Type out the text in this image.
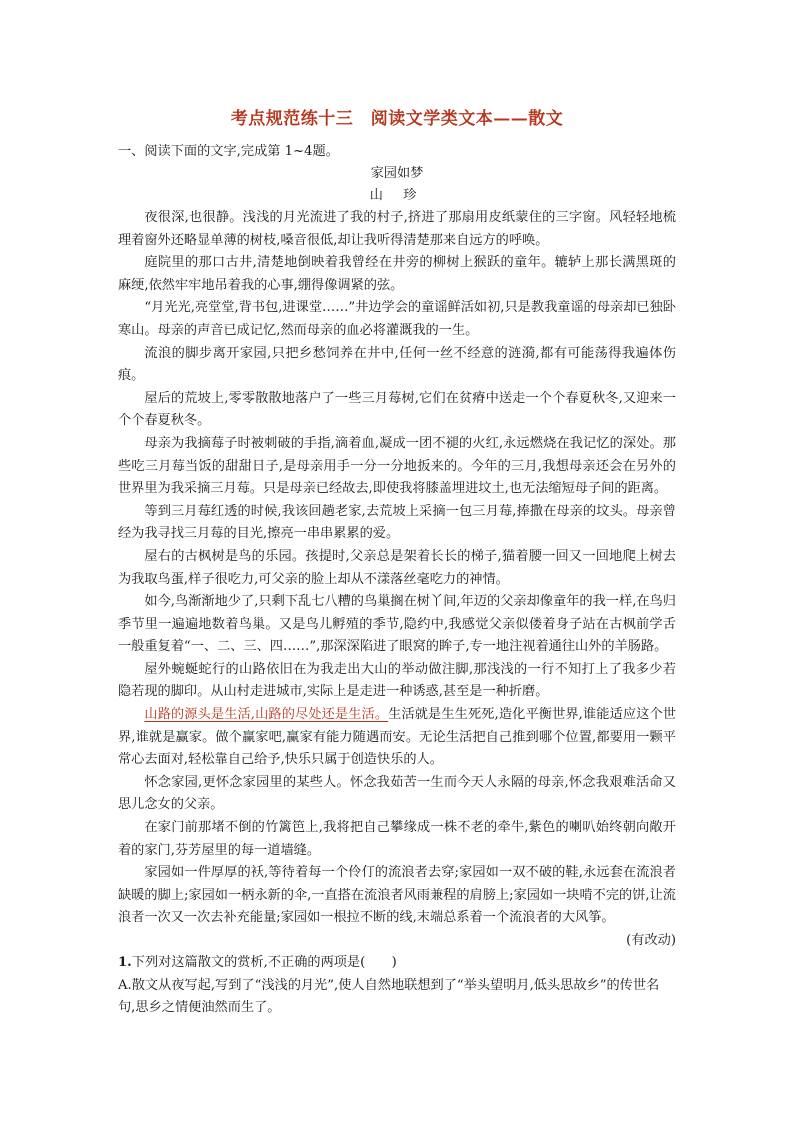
考点规范练十三　阅读文学类文本——散文

一、阅读下面的文字,完成第 1~4题。

家园如梦

山 珍

夜很深,也很静。浅浅的月光流进了我的村子,挤进了那扇用皮纸蒙住的三字窗。风轻轻地梳理着窗外还略显单薄的树枝,嗓音很低,却让我听得清楚那来自远方的呼唤。

庭院里的那口古井,清楚地倒映着我曾经在井旁的柳树上猴跃的童年。辘轳上那长满黑斑的麻绠,依然牢牢地吊着我的心事,绷得像调紧的弦。

“月光光,亮堂堂,背书包,进课堂……”井边学会的童谣鲜活如初,只是教我童谣的母亲却已独卧寒山。母亲的声音已成记忆,然而母亲的血必将灌溉我的一生。

流浪的脚步离开家园,只把乡愁饲养在井中,任何一丝不经意的涟漪,都有可能荡得我遍体伤痕。

屋后的荒坡上,零零散散地落户了一些三月莓树,它们在贫瘠中送走一个个春夏秋冬,又迎来一个个春夏秋冬。

母亲为我摘莓子时被刺破的手指,滴着血,凝成一团不褪的火红,永远燃烧在我记忆的深处。那些吃三月莓当饭的甜甜日子,是母亲用手一分一分地扳来的。今年的三月,我想母亲还会在另外的世界里为我采摘三月莓。只是母亲已经故去,即使我将膝盖埋进坟土,也无法缩短母子间的距离。

等到三月莓红透的时候,我该回趟老家,去荒坡上采摘一包三月莓,捧撒在母亲的坟头。母亲曾经为我寻找三月莓的目光,擦亮一串串累累的爱。

屋右的古枫树是鸟的乐园。孩提时,父亲总是架着长长的梯子,猫着腰一回又一回地爬上树去为我取鸟蛋,样子很吃力,可父亲的脸上却从不漾落丝毫吃力的神情。

如今,鸟渐渐地少了,只剩下乱七八糟的鸟巢搁在树丫间,年迈的父亲却像童年的我一样,在鸟归季节里一遍遍地数着鸟巢。又是鸟儿孵殖的季节,隐约中,我感觉父亲似偻着身子站在古枫前学舌一般重复着“一、二、三、四……”,那深深陷进了眼窝的眸子,专一地注视着通往山外的羊肠路。

屋外蜿蜒蛇行的山路依旧在为我走出大山的举动做注脚,那浅浅的一行不知打上了我多少若隐若现的脚印。从山村走进城市,实际上是走进一种诱惑,甚至是一种折磨。

山路的源头是生活,山路的尽处还是生活。生活就是生生死死,造化平衡世界,谁能适应这个世界,谁就是赢家。做个赢家吧,赢家有能力随遇而安。无论生活把自己推到哪个位置,都要用一颗平常心去面对,轻松靠自己给予,快乐只属于创造快乐的人。

怀念家园,更怀念家园里的某些人。怀念我茹苦一生而今天人永隔的母亲,怀念我艰难活命又思儿念女的父亲。

在家门前那堵不倒的竹篱笆上,我将把自己攀缘成一株不老的牵牛,紫色的喇叭始终朝向敞开着的家门,芬芳屋里的每一道墙缝。

家园如一件厚厚的袄,等待着每一个伶仃的流浪者去穿;家园如一双不破的鞋,永远套在流浪者缺暖的脚上;家园如一柄永新的伞,一直搭在流浪者风雨兼程的肩膀上;家园如一块啃不完的饼,让流浪者一次又一次去补充能量;家园如一根拉不断的线,末端总系着一个流浪者的大风筝。

(有改动)

1.下列对这篇散文的赏析,不正确的两项是(　　)

A.散文从夜写起,写到了“浅浅的月光”,使人自然地联想到了“举头望明月,低头思故乡”的传世名句,思乡之情便油然而生了。
